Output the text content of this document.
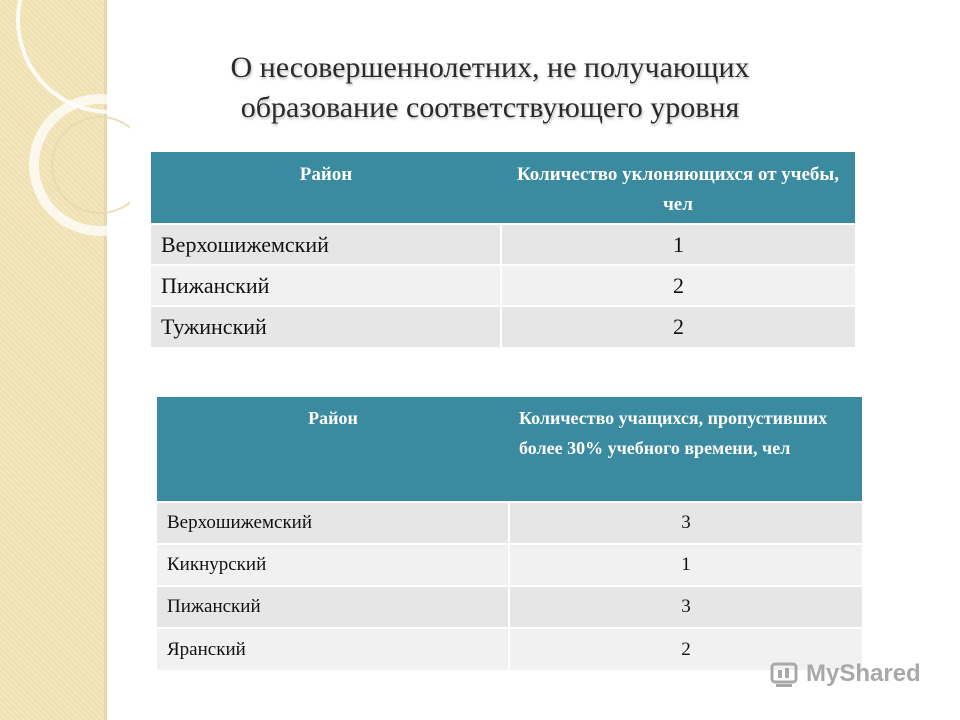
О несовершеннолетних, не получающих образование соответствующего уровня
Район	Количество уклоняющихся от учебы, чел
Верхошижемский	1
Пижанский	2
Тужинский	2
Район	Количество учащихся, пропустивших более 30% учебного времени, чел
Верхошижемский	3
Кикнурский	1
Пижанский	3
Яранский	2
MyShared
